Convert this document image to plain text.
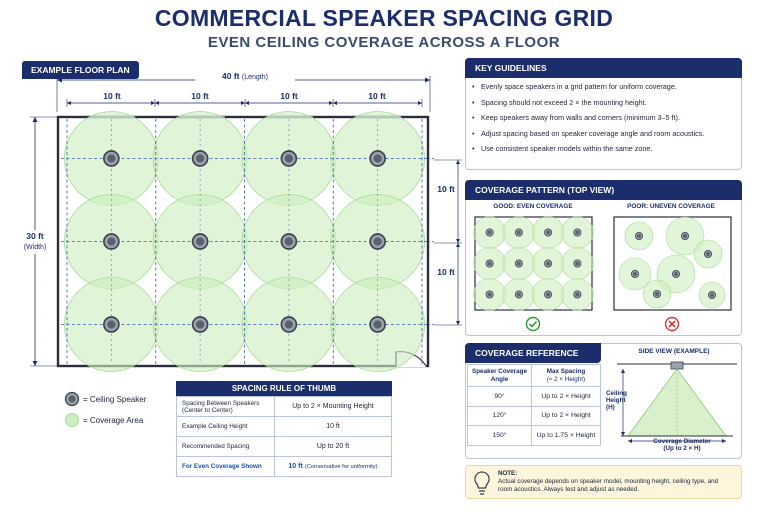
COMMERCIAL SPEAKER SPACING GRID
EVEN CEILING COVERAGE ACROSS A FLOOR
EXAMPLE FLOOR PLAN
40 ft (Length)
10 ft	10 ft	10 ft	10 ft
30 ft
(Width)
10 ft
10 ft
= Ceiling Speaker
= Coverage Area
SPACING RULE OF THUMB
Spacing Between Speakers (Center to Center)	Up to 2 × Mounting Height
Example Ceiling Height	10 ft
Recommended Spacing	Up to 20 ft
For Even Coverage Shown	10 ft (Conservative for uniformity)
KEY GUIDELINES
• Evenly space speakers in a grid pattern for uniform coverage.
• Spacing should not exceed 2 × the mounting height.
• Keep speakers away from walls and corners (minimum 3–5 ft).
• Adjust spacing based on speaker coverage angle and room acoustics.
• Use consistent speaker models within the same zone.
COVERAGE PATTERN (TOP VIEW)
GOOD: EVEN COVERAGE	POOR: UNEVEN COVERAGE
COVERAGE REFERENCE
Speaker Coverage Angle	Max Spacing
(≈ 2 × Height)
90°	Up to 2 × Height
120°	Up to 2 × Height
150°	Up to 1.75 × Height
SIDE VIEW (EXAMPLE)
Ceiling Height (H)
Coverage Diameter
(Up to 2 × H)
NOTE:
Actual coverage depends on speaker model, mounting height, ceiling type, and room acoustics. Always test and adjust as needed.
